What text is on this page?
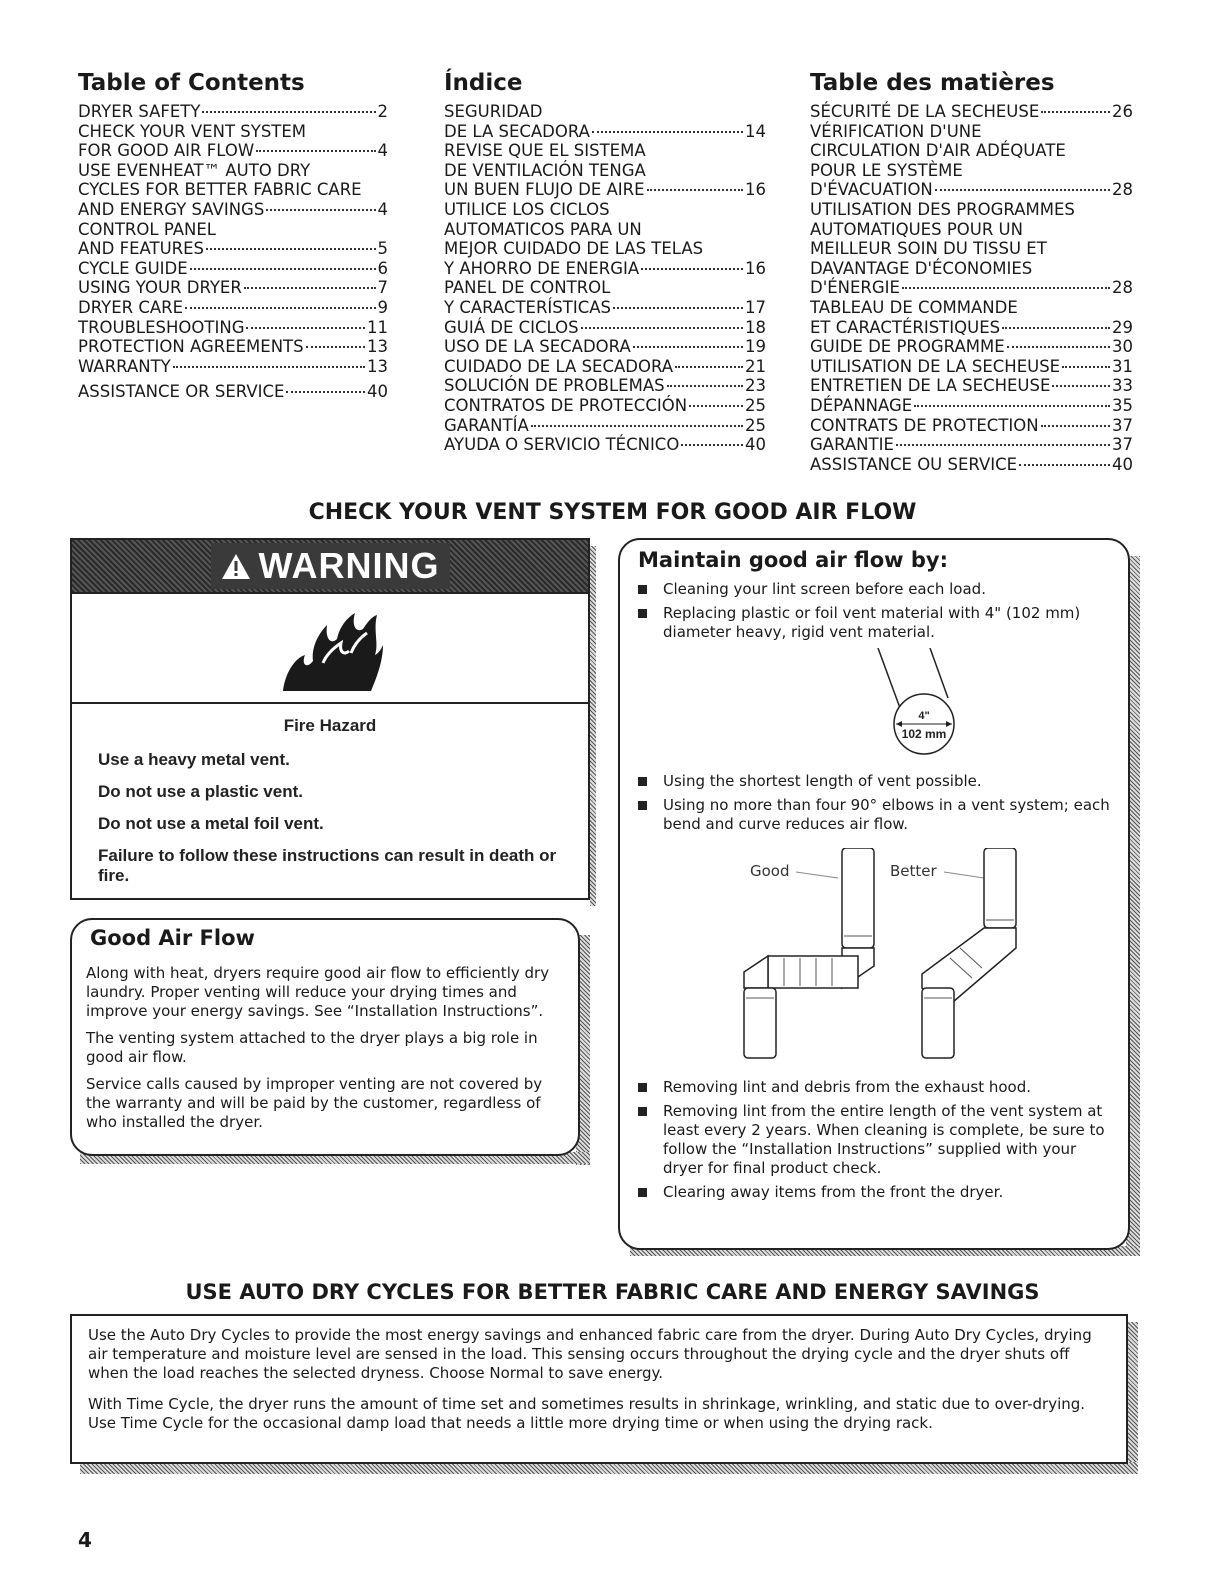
Table of Contents
DRYER SAFETY	2
CHECK YOUR VENT SYSTEM
FOR GOOD AIR FLOW	4
USE EVENHEAT™ AUTO DRY
CYCLES FOR BETTER FABRIC CARE
AND ENERGY SAVINGS	4
CONTROL PANEL
AND FEATURES	5
CYCLE GUIDE	6
USING YOUR DRYER	7
DRYER CARE	9
TROUBLESHOOTING	11
PROTECTION AGREEMENTS	13
WARRANTY	13
ASSISTANCE OR SERVICE	40
Índice
SEGURIDAD
DE LA SECADORA	14
REVISE QUE EL SISTEMA
DE VENTILACIÓN TENGA
UN BUEN FLUJO DE AIRE	16
UTILICE LOS CICLOS
AUTOMATICOS PARA UN
MEJOR CUIDADO DE LAS TELAS
Y AHORRO DE ENERGIA	16
PANEL DE CONTROL
Y CARACTERÍSTICAS	17
GUIÁ DE CICLOS	18
USO DE LA SECADORA	19
CUIDADO DE LA SECADORA	21
SOLUCIÓN DE PROBLEMAS	23
CONTRATOS DE PROTECCIÓN	25
GARANTÍA	25
AYUDA O SERVICIO TÉCNICO	40
Table des matières
SÉCURITÉ DE LA SECHEUSE	26
VÉRIFICATION D'UNE
CIRCULATION D'AIR ADÉQUATE
POUR LE SYSTÈME
D'ÉVACUATION	28
UTILISATION DES PROGRAMMES
AUTOMATIQUES POUR UN
MEILLEUR SOIN DU TISSU ET
DAVANTAGE D'ÉCONOMIES
D'ÉNERGIE	28
TABLEAU DE COMMANDE
ET CARACTÉRISTIQUES	29
GUIDE DE PROGRAMME	30
UTILISATION DE LA SECHEUSE	31
ENTRETIEN DE LA SECHEUSE	33
DÉPANNAGE	35
CONTRATS DE PROTECTION	37
GARANTIE	37
ASSISTANCE OU SERVICE	40
CHECK YOUR VENT SYSTEM FOR GOOD AIR FLOW
WARNING
Fire Hazard

Use a heavy metal vent.

Do not use a plastic vent.

Do not use a metal foil vent.

Failure to follow these instructions can result in death or fire.

Good Air Flow

Along with heat, dryers require good air flow to efficiently dry laundry. Proper venting will reduce your drying times and improve your energy savings. See “Installation Instructions”.

The venting system attached to the dryer plays a big role in good air flow.

Service calls caused by improper venting are not covered by the warranty and will be paid by the customer, regardless of who installed the dryer.

Maintain good air flow by:
Cleaning your lint screen before each load.
Replacing plastic or foil vent material with 4" (102 mm) diameter heavy, rigid vent material.
4"
102 mm
Using the shortest length of vent possible.
Using no more than four 90° elbows in a vent system; each bend and curve reduces air flow.
Good	Better
Removing lint and debris from the exhaust hood.
Removing lint from the entire length of the vent system at least every 2 years. When cleaning is complete, be sure to follow the “Installation Instructions” supplied with your dryer for final product check.
Clearing away items from the front the dryer.
USE AUTO DRY CYCLES FOR BETTER FABRIC CARE AND ENERGY SAVINGS

Use the Auto Dry Cycles to provide the most energy savings and enhanced fabric care from the dryer. During Auto Dry Cycles, drying air temperature and moisture level are sensed in the load. This sensing occurs throughout the drying cycle and the dryer shuts off when the load reaches the selected dryness. Choose Normal to save energy.

With Time Cycle, the dryer runs the amount of time set and sometimes results in shrinkage, wrinkling, and static due to over-drying. Use Time Cycle for the occasional damp load that needs a little more drying time or when using the drying rack.

4
